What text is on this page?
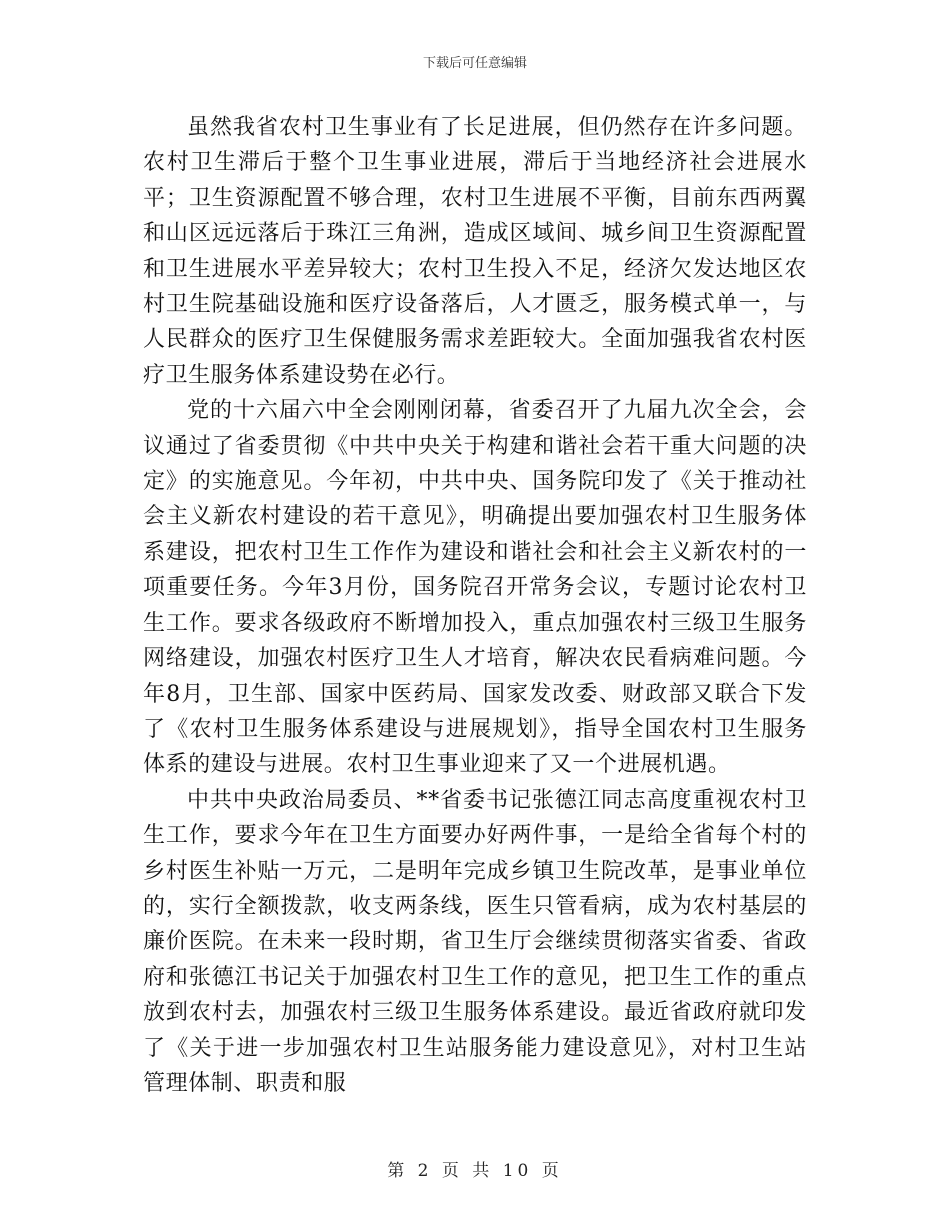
下载后可任意编辑

虽然我省农村卫生事业有了长足进展，但仍然存在许多问题。农村卫生滞后于整个卫生事业进展，滞后于当地经济社会进展水平；卫生资源配置不够合理，农村卫生进展不平衡，目前东西两翼和山区远远落后于珠江三角洲，造成区域间、城乡间卫生资源配置和卫生进展水平差异较大；农村卫生投入不足，经济欠发达地区农村卫生院基础设施和医疗设备落后，人才匮乏，服务模式单一，与人民群众的医疗卫生保健服务需求差距较大。全面加强我省农村医疗卫生服务体系建设势在必行。

党的十六届六中全会刚刚闭幕，省委召开了九届九次全会，会议通过了省委贯彻《中共中央关于构建和谐社会若干重大问题的决定》的实施意见。今年初，中共中央、国务院印发了《关于推动社会主义新农村建设的若干意见》，明确提出要加强农村卫生服务体系建设，把农村卫生工作作为建设和谐社会和社会主义新农村的一项重要任务。今年3月份，国务院召开常务会议，专题讨论农村卫生工作。要求各级政府不断增加投入，重点加强农村三级卫生服务网络建设，加强农村医疗卫生人才培育，解决农民看病难问题。今年8月，卫生部、国家中医药局、国家发改委、财政部又联合下发了《农村卫生服务体系建设与进展规划》，指导全国农村卫生服务体系的建设与进展。农村卫生事业迎来了又一个进展机遇。

中共中央政治局委员、**省委书记张德江同志高度重视农村卫生工作，要求今年在卫生方面要办好两件事，一是给全省每个村的乡村医生补贴一万元，二是明年完成乡镇卫生院改革，是事业单位的，实行全额拨款，收支两条线，医生只管看病，成为农村基层的廉价医院。在未来一段时期，省卫生厅会继续贯彻落实省委、省政府和张德江书记关于加强农村卫生工作的意见，把卫生工作的重点放到农村去，加强农村三级卫生服务体系建设。最近省政府就印发了《关于进一步加强农村卫生站服务能力建设意见》，对村卫生站管理体制、职责和服

第 2 页 共 10 页
